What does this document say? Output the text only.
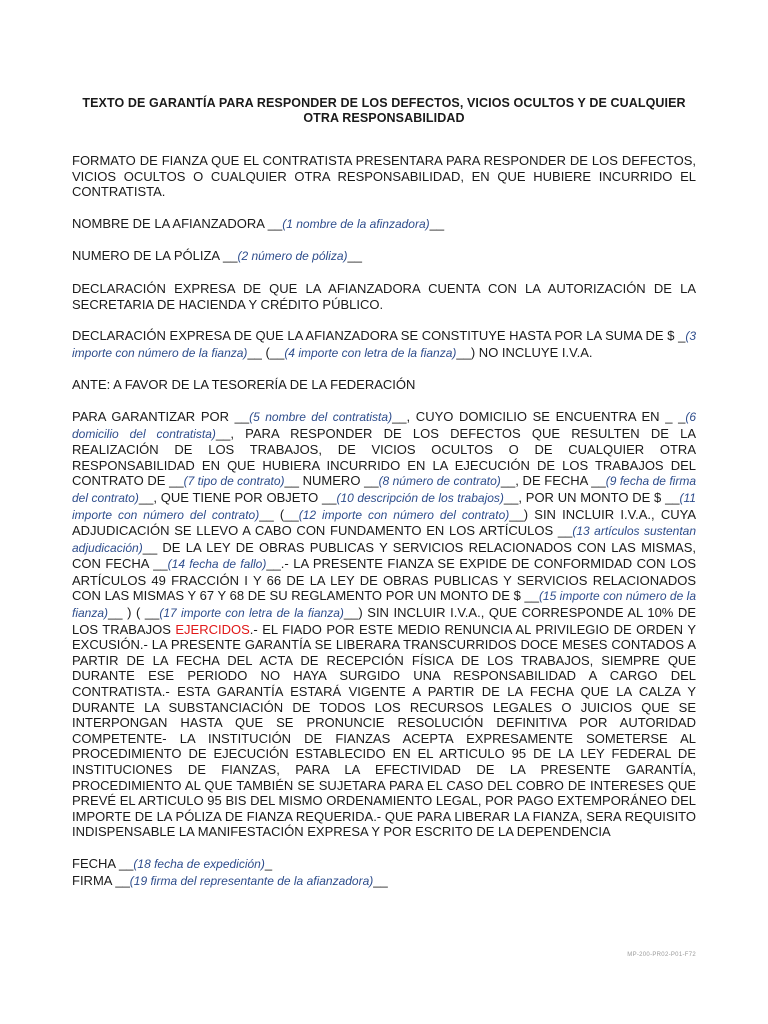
TEXTO DE GARANTÍA PARA RESPONDER DE LOS DEFECTOS, VICIOS OCULTOS Y DE CUALQUIER OTRA RESPONSABILIDAD

FORMATO DE FIANZA QUE EL CONTRATISTA PRESENTARA PARA RESPONDER DE LOS DEFECTOS, VICIOS OCULTOS O CUALQUIER OTRA RESPONSABILIDAD, EN QUE HUBIERE INCURRIDO EL CONTRATISTA.

NOMBRE DE LA AFIANZADORA __(1 nombre de la afinzadora)__

NUMERO DE LA PÓLIZA __(2 número de póliza)__

DECLARACIÓN EXPRESA DE QUE LA AFIANZADORA CUENTA CON LA AUTORIZACIÓN DE LA SECRETARIA DE HACIENDA Y CRÉDITO PÚBLICO.

DECLARACIÓN EXPRESA DE QUE LA AFIANZADORA SE CONSTITUYE HASTA POR LA SUMA DE $ _(3 importe con número de la fianza)__ (__(4 importe con letra de la fianza)__) NO INCLUYE I.V.A.

ANTE: A FAVOR DE LA TESORERÍA DE LA FEDERACIÓN

PARA GARANTIZAR POR __(5 nombre del contratista)__, CUYO DOMICILIO SE ENCUENTRA EN _ _(6 domicilio del contratista)__, PARA RESPONDER DE LOS DEFECTOS QUE RESULTEN DE LA REALIZACIÓN DE LOS TRABAJOS, DE VICIOS OCULTOS O DE CUALQUIER OTRA RESPONSABILIDAD EN QUE HUBIERA INCURRIDO EN LA EJECUCIÓN DE LOS TRABAJOS DEL CONTRATO DE __(7 tipo de contrato)__ NUMERO __(8 número de contrato)__, DE FECHA __(9 fecha de firma del contrato)__, QUE TIENE POR OBJETO __(10 descripción de los trabajos)__, POR UN MONTO DE $ __(11 importe con número del contrato)__ (__(12 importe con número del contrato)__) SIN INCLUIR I.V.A., CUYA ADJUDICACIÓN SE LLEVO A CABO CON FUNDAMENTO EN LOS ARTÍCULOS __(13 artículos sustentan adjudicación)__ DE LA LEY DE OBRAS PUBLICAS Y SERVICIOS RELACIONADOS CON LAS MISMAS, CON FECHA __(14 fecha de fallo)__.- LA PRESENTE FIANZA SE EXPIDE DE CONFORMIDAD CON LOS ARTÍCULOS 49 FRACCIÓN I Y 66 DE LA LEY DE OBRAS PUBLICAS Y SERVICIOS RELACIONADOS CON LAS MISMAS Y 67 Y 68 DE SU REGLAMENTO POR UN MONTO DE $ __(15 importe con número de la fianza)__ ) ( __(17 importe con letra de la fianza)__) SIN INCLUIR I.V.A., QUE CORRESPONDE AL 10% DE LOS TRABAJOS EJERCIDOS.- EL FIADO POR ESTE MEDIO RENUNCIA AL PRIVILEGIO DE ORDEN Y EXCUSIÓN.- LA PRESENTE GARANTÍA SE LIBERARA TRANSCURRIDOS DOCE MESES CONTADOS A PARTIR DE LA FECHA DEL ACTA DE RECEPCIÓN FÍSICA DE LOS TRABAJOS, SIEMPRE QUE DURANTE ESE PERIODO NO HAYA SURGIDO UNA RESPONSABILIDAD A CARGO DEL CONTRATISTA.- ESTA GARANTÍA ESTARÁ VIGENTE A PARTIR DE LA FECHA QUE LA CALZA Y DURANTE LA SUBSTANCIACIÓN DE TODOS LOS RECURSOS LEGALES O JUICIOS QUE SE INTERPONGAN HASTA QUE SE PRONUNCIE RESOLUCIÓN DEFINITIVA POR AUTORIDAD COMPETENTE- LA INSTITUCIÓN DE FIANZAS ACEPTA EXPRESAMENTE SOMETERSE AL PROCEDIMIENTO DE EJECUCIÓN ESTABLECIDO EN EL ARTICULO 95 DE LA LEY FEDERAL DE INSTITUCIONES DE FIANZAS, PARA LA EFECTIVIDAD DE LA PRESENTE GARANTÍA, PROCEDIMIENTO AL QUE TAMBIÉN SE SUJETARA PARA EL CASO DEL COBRO DE INTERESES QUE PREVÉ EL ARTICULO 95 BIS DEL MISMO ORDENAMIENTO LEGAL, POR PAGO EXTEMPORÁNEO DEL IMPORTE DE LA PÓLIZA DE FIANZA REQUERIDA.- QUE PARA LIBERAR LA FIANZA, SERA REQUISITO INDISPENSABLE LA MANIFESTACIÓN EXPRESA Y POR ESCRITO DE LA DEPENDENCIA

FECHA __(18 fecha de expedición)_

FIRMA __(19 firma del representante de la afianzadora)__

MP-200-PR02-P01-F72
